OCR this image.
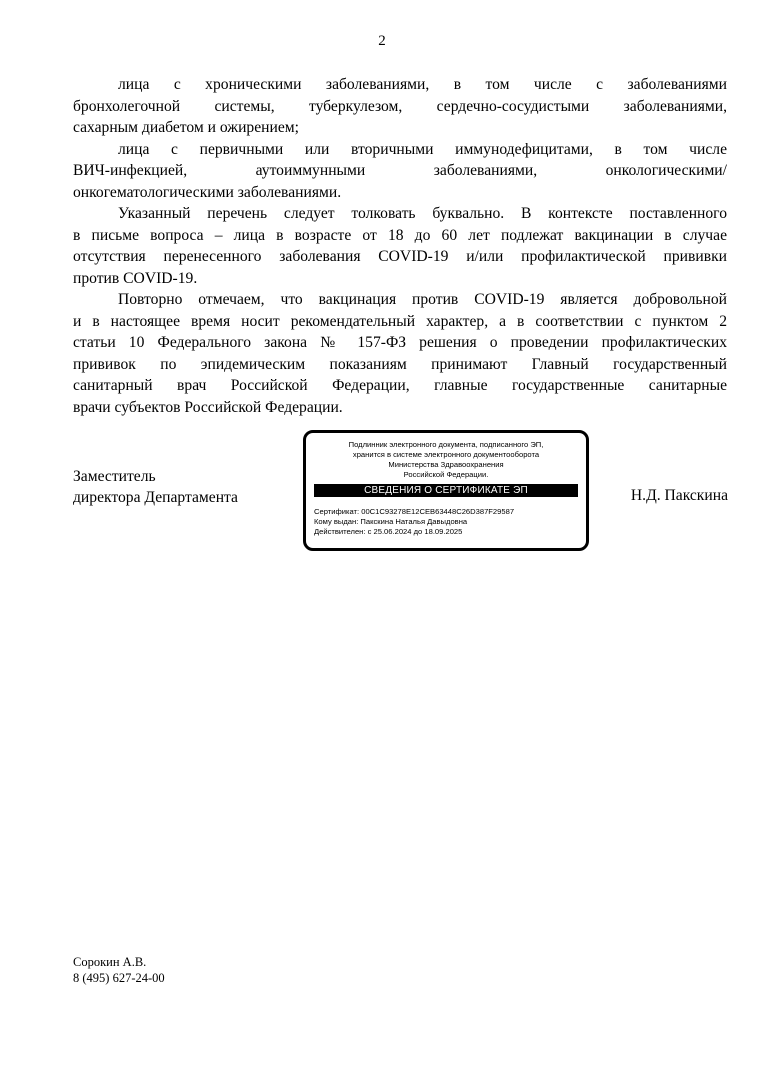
2

лица с хроническими заболеваниями, в том числе с заболеваниями
бронхолегочной системы, туберкулезом, сердечно-сосудистыми заболеваниями,
сахарным диабетом и ожирением;

лица с первичными или вторичными иммунодефицитами, в том числе
ВИЧ-инфекцией, аутоиммунными заболеваниями, онкологическими/
онкогематологическими заболеваниями.

Указанный перечень следует толковать буквально. В контексте поставленного
в письме вопроса – лица в возрасте от 18 до 60 лет подлежат вакцинации в случае
отсутствия перенесенного заболевания COVID-19 и/или профилактической прививки
против COVID-19.

Повторно отмечаем, что вакцинация против COVID-19 является добровольной
и в настоящее время носит рекомендательный характер, а в соответствии с пунктом 2
статьи 10 Федерального закона № 157-ФЗ решения о проведении профилактических
прививок по эпидемическим показаниям принимают Главный государственный
санитарный врач Российской Федерации, главные государственные санитарные
врачи субъектов Российской Федерации.

Заместитель
директора Департамента
Подлинник электронного документа, подписанного ЭП,
хранится в системе электронного документооборота
Министерства Здравоохранения
Российской Федерации.
СВЕДЕНИЯ О СЕРТИФИКАТЕ ЭП
Сертификат: 00C1C93278E12CEB63448C26D387F29587
Кому выдан: Пакскина Наталья Давыдовна
Действителен: с 25.06.2024 до 18.09.2025
Н.Д. Пакскина
Сорокин А.В.
8 (495) 627-24-00
